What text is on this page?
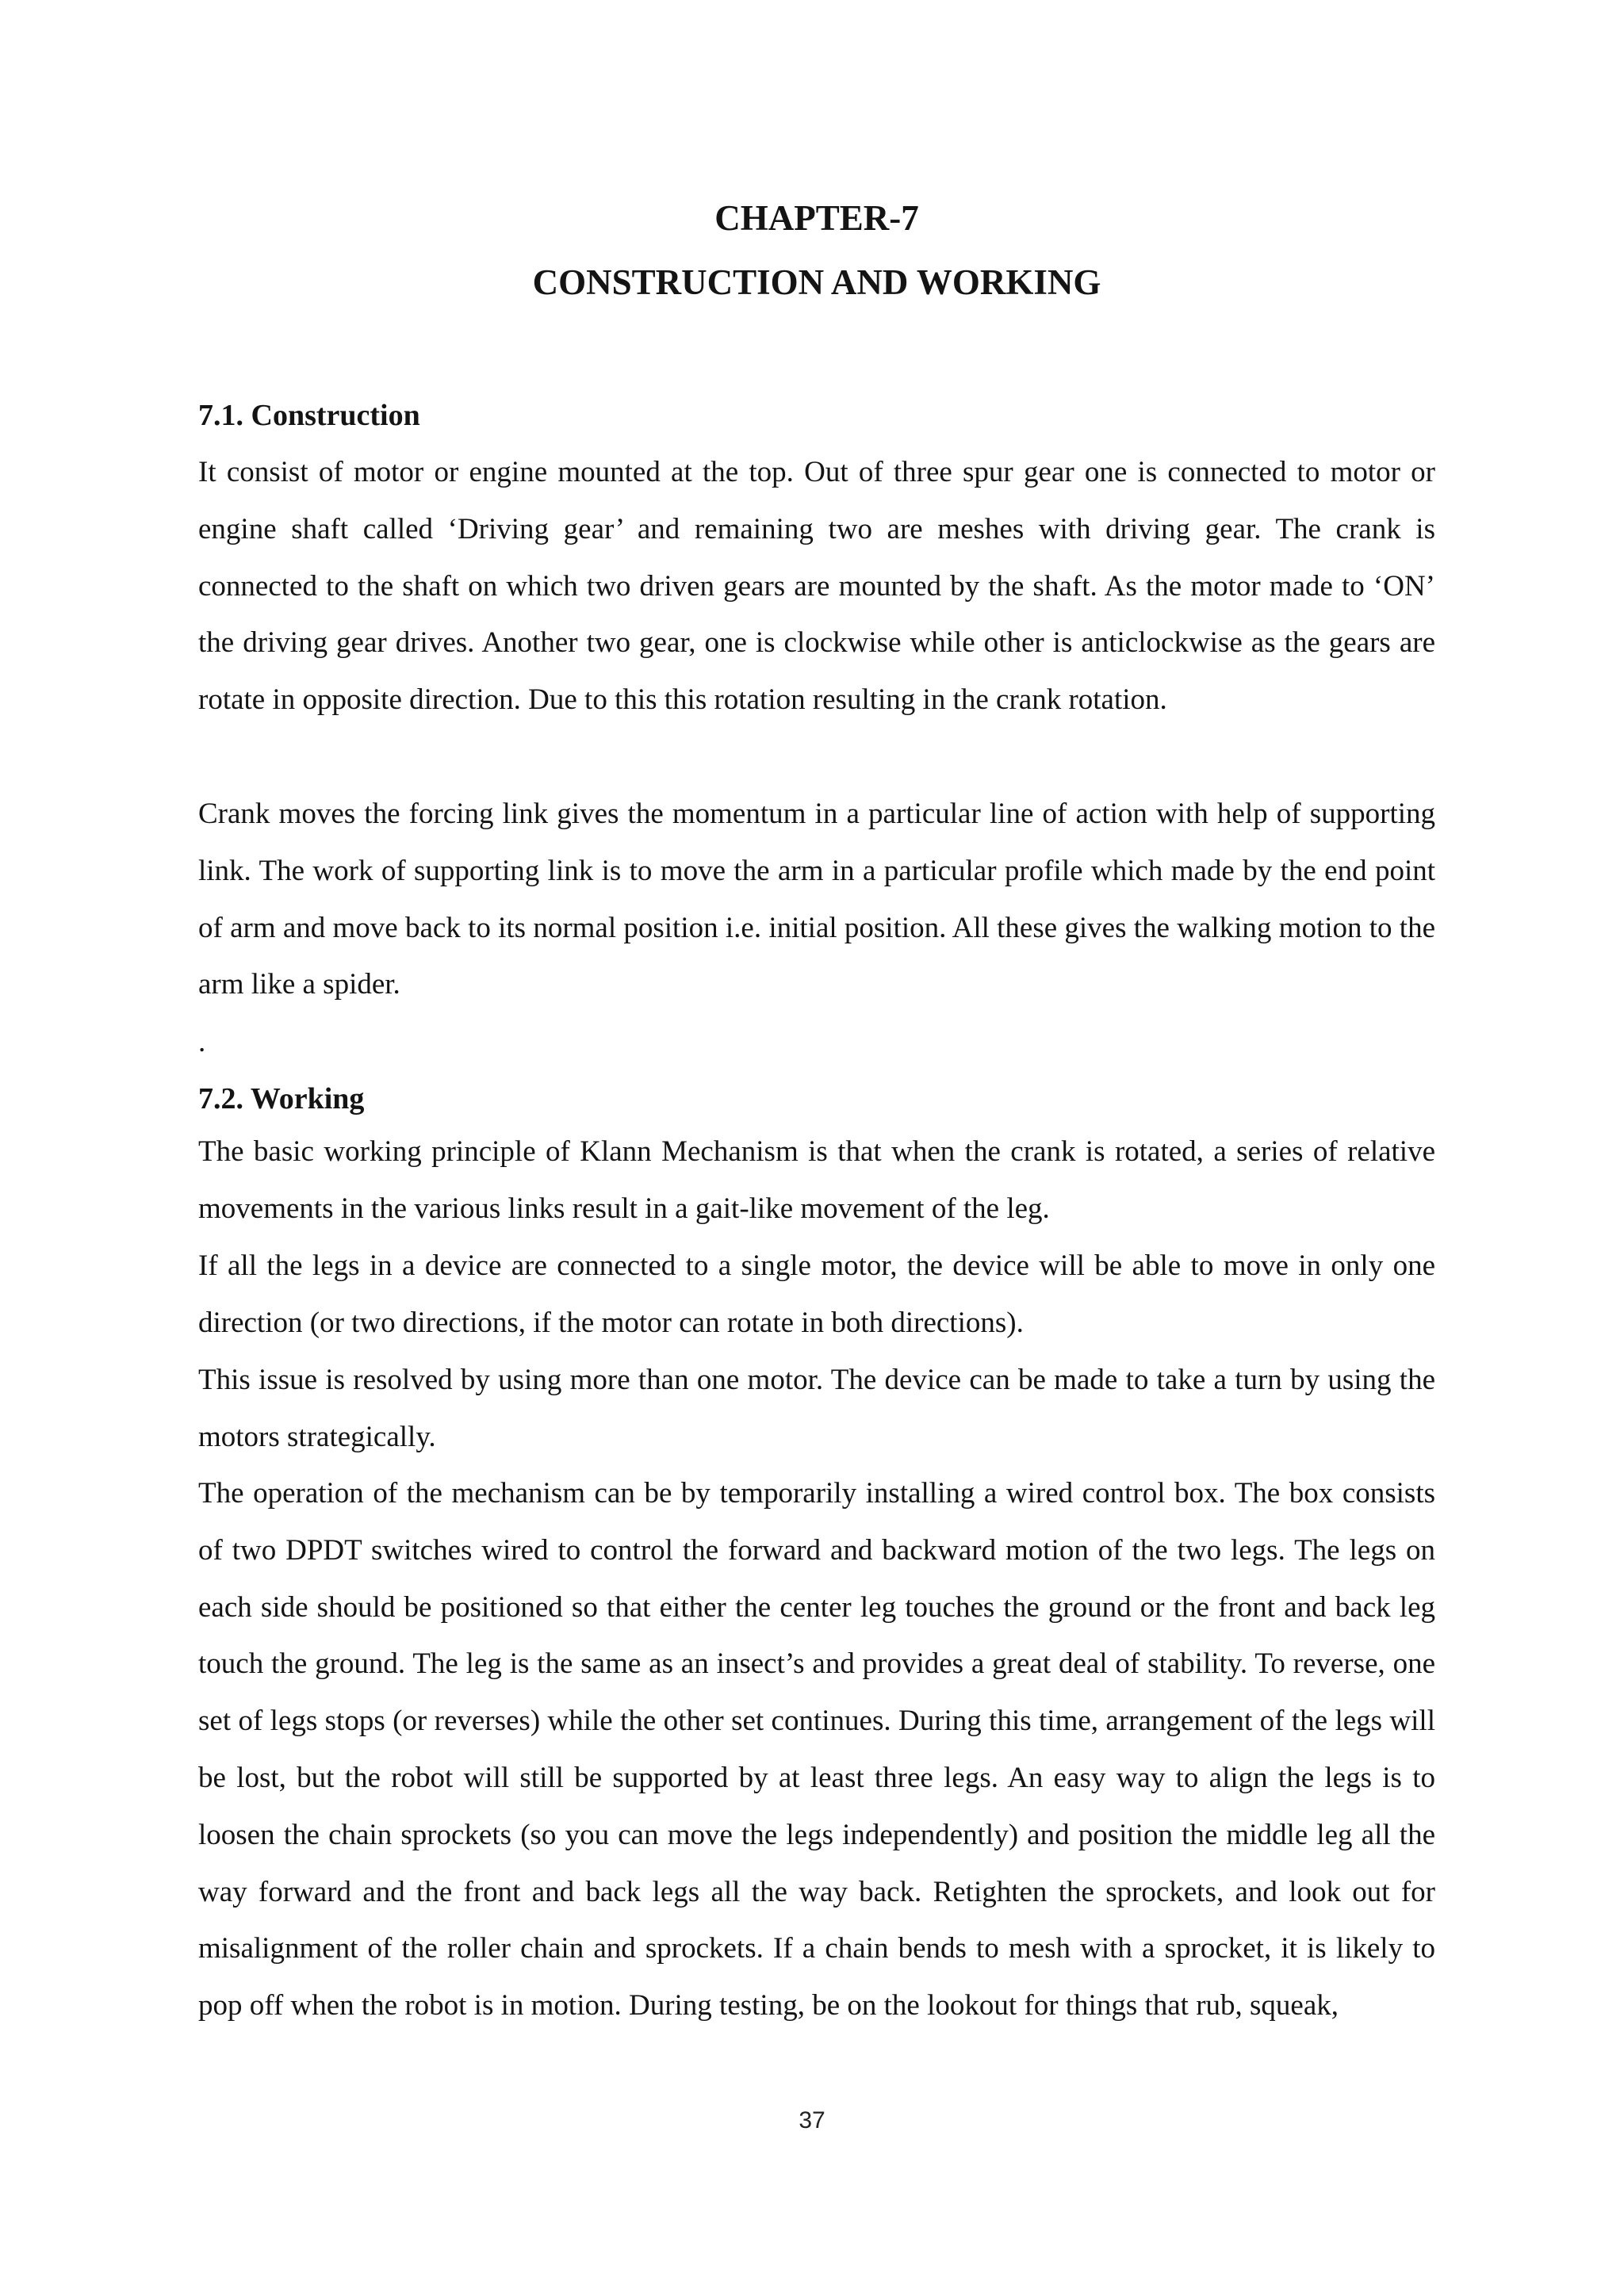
CHAPTER-7
CONSTRUCTION AND WORKING
7.1. Construction

It consist of motor or engine mounted at the top. Out of three spur gear one is connected to motor or engine shaft called ‘Driving gear’ and remaining two are meshes with driving gear. The crank is connected to the shaft on which two driven gears are mounted by the shaft. As the motor made to ‘ON’ the driving gear drives. Another two gear, one is clockwise while other is anticlockwise as the gears are rotate in opposite direction. Due to this this rotation resulting in the crank rotation.

Crank moves the forcing link gives the momentum in a particular line of action with help of supporting link. The work of supporting link is to move the arm in a particular profile which made by the end point of arm and move back to its normal position i.e. initial position. All these gives the walking motion to the arm like a spider.

.

7.2. Working

The basic working principle of Klann Mechanism is that when the crank is rotated, a series of relative movements in the various links result in a gait-like movement of the leg.

If all the legs in a device are connected to a single motor, the device will be able to move in only one direction (or two directions, if the motor can rotate in both directions).

This issue is resolved by using more than one motor. The device can be made to take a turn by using the motors strategically.

The operation of the mechanism can be by temporarily installing a wired control box. The box consists of two DPDT switches wired to control the forward and backward motion of the two legs. The legs on each side should be positioned so that either the center leg touches the ground or the front and back leg touch the ground. The leg is the same as an insect’s and provides a great deal of stability. To reverse, one set of legs stops (or reverses) while the other set continues. During this time, arrangement of the legs will be lost, but the robot will still be supported by at least three legs. An easy way to align the legs is to loosen the chain sprockets (so you can move the legs independently) and position the middle leg all the way forward and the front and back legs all the way back. Retighten the sprockets, and look out for misalignment of the roller chain and sprockets. If a chain bends to mesh with a sprocket, it is likely to pop off when the robot is in motion. During testing, be on the lookout for things that rub, squeak,

37
